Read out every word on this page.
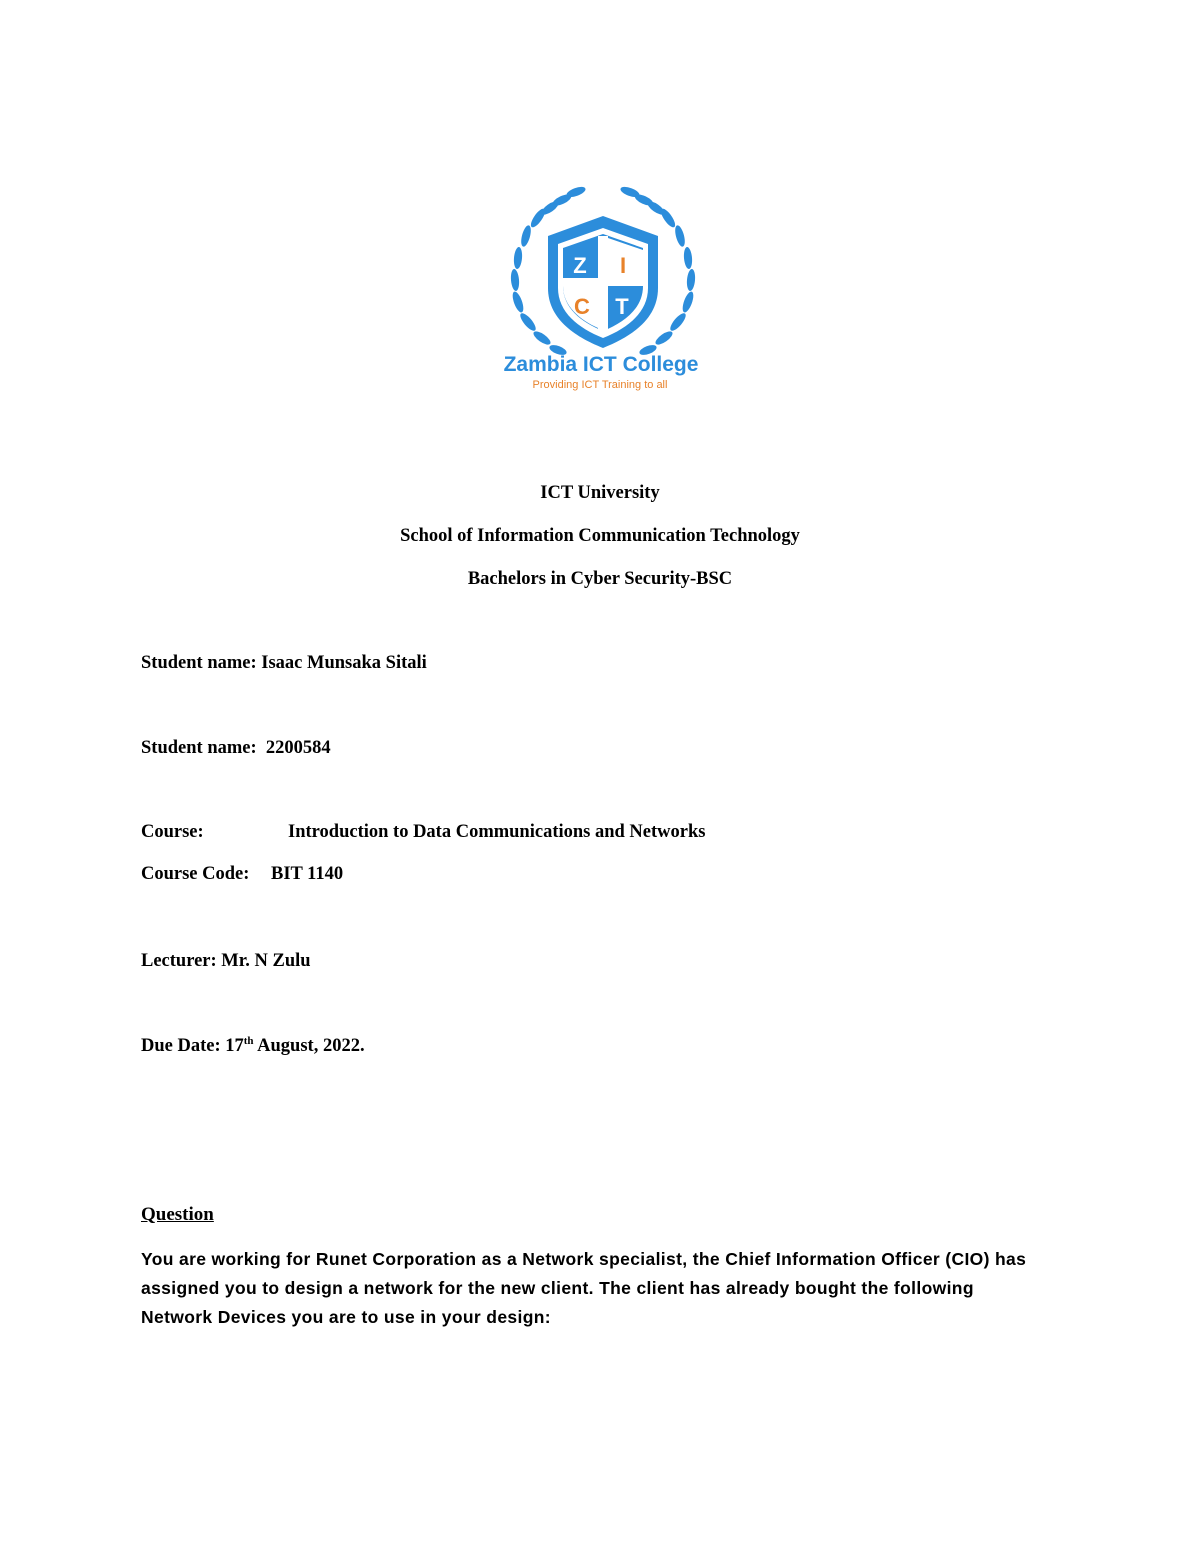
Z I
C T
Zambia ICT College
Providing ICT Training to all
ICT University
School of Information Communication Technology
Bachelors in Cyber Security-BSC
Student name: Isaac Munsaka Sitali
Student name: 2200584
Course:	Introduction to Data Communications and Networks
Course Code: BIT 1140
Lecturer: Mr. N Zulu
Due Date: 17th August, 2022.
Question
You are working for Runet Corporation as a Network specialist, the Chief Information Officer (CIO) has
assigned you to design a network for the new client. The client has already bought the following
Network Devices you are to use in your design:
